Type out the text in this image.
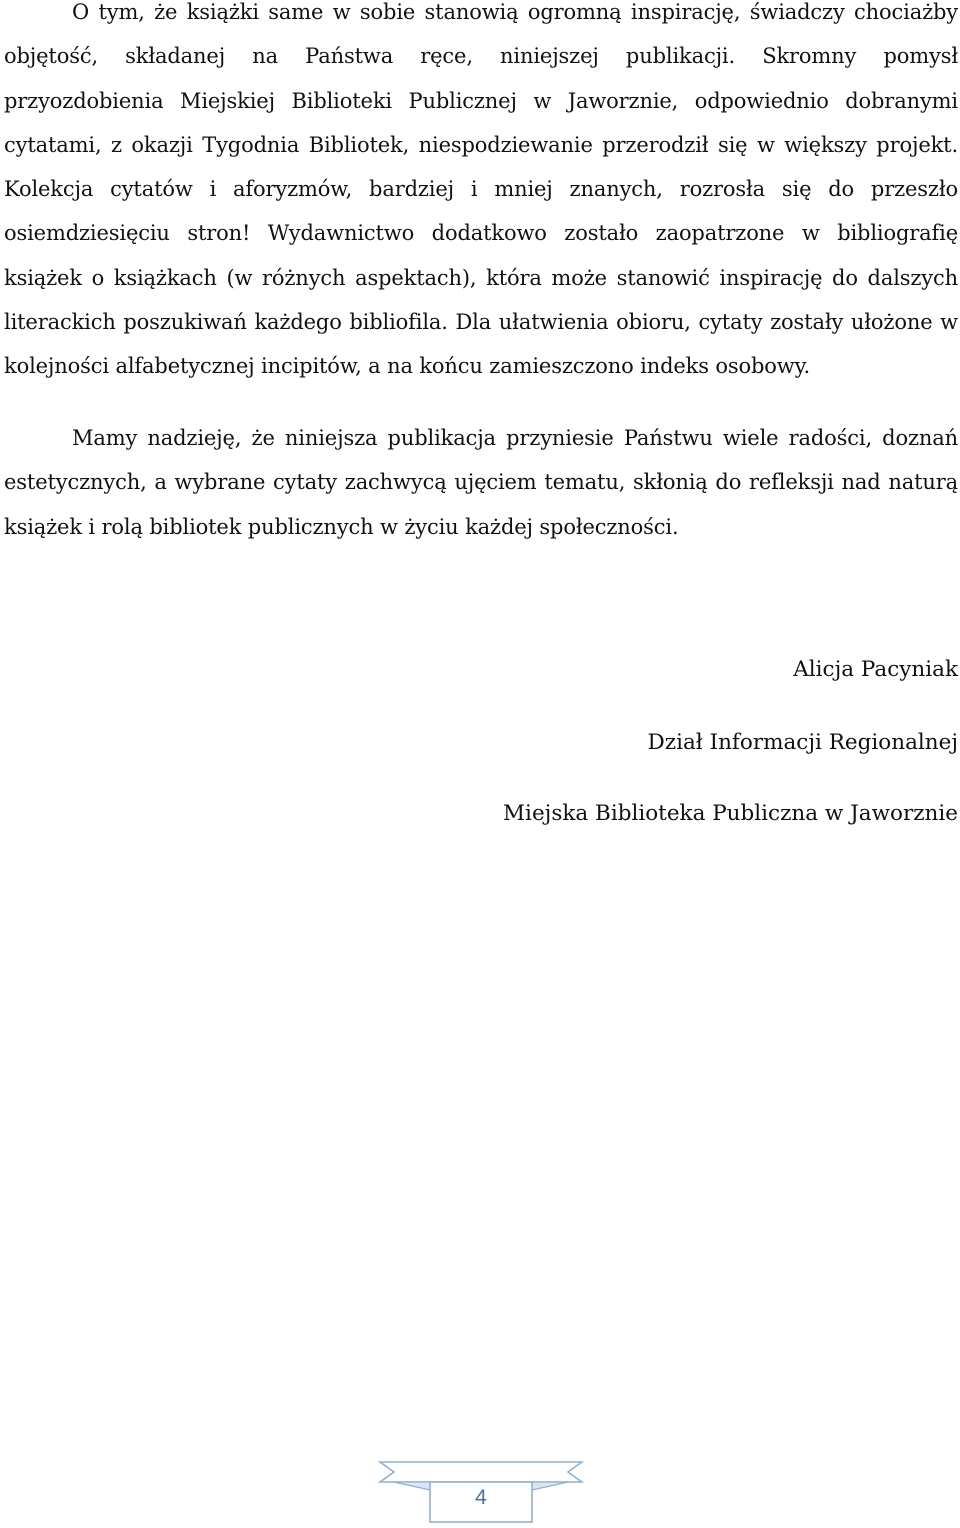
O tym, że książki same w sobie stanowią ogromną inspirację, świadczy chociażby objętość, składanej na Państwa ręce, niniejszej publikacji. Skromny pomysł przyozdobienia Miejskiej Biblioteki Publicznej w Jaworznie, odpowiednio dobranymi cytatami, z okazji Tygodnia Bibliotek, niespodziewanie przerodził się w większy projekt. Kolekcja cytatów i aforyzmów, bardziej i mniej znanych, rozrosła się do przeszło osiemdziesięciu stron! Wydawnictwo dodatkowo zostało zaopatrzone w bibliografię książek o książkach (w różnych aspektach), która może stanowić inspirację do dalszych literackich poszukiwań każdego bibliofila. Dla ułatwienia obioru, cytaty zostały ułożone w kolejności alfabetycznej incipitów, a na końcu zamieszczono indeks osobowy.

Mamy nadzieję, że niniejsza publikacja przyniesie Państwu wiele radości, doznań estetycznych, a wybrane cytaty zachwycą ujęciem tematu, skłonią do refleksji nad naturą książek i rolą bibliotek publicznych w życiu każdej społeczności.

Alicja Pacyniak

Dział Informacji Regionalnej

Miejska Biblioteka Publiczna w Jaworznie

4
